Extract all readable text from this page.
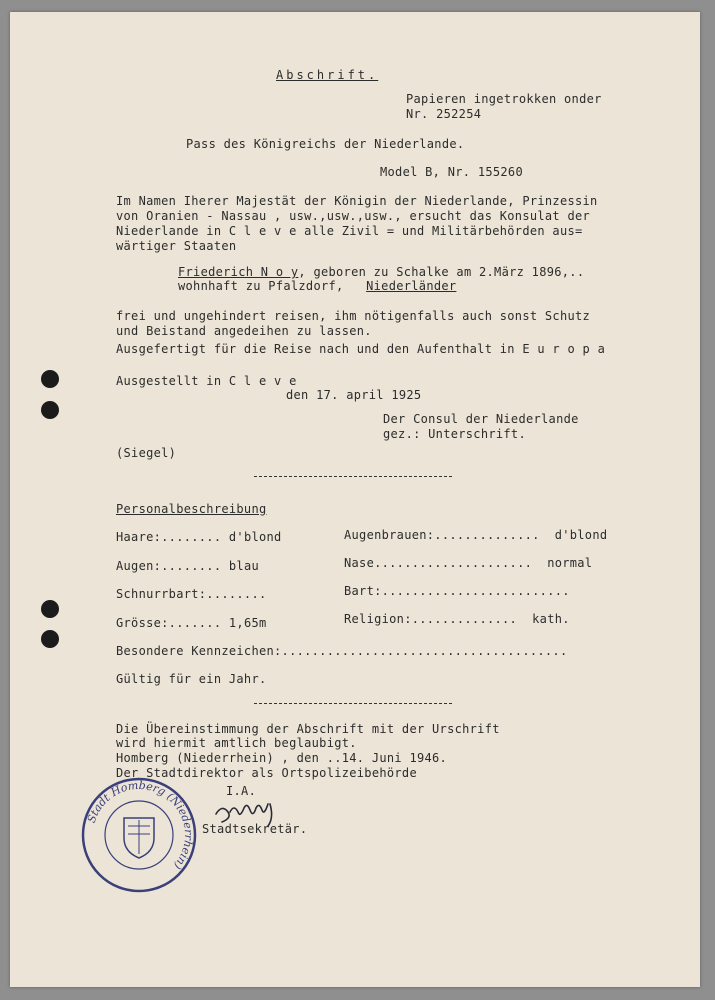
Abschrift.
Papieren ingetrokken onder
Nr. 252254
Pass des Königreichs der Niederlande.
Model B, Nr. 155260
Im Namen Iherer Majestät der Königin der Niederlande, Prinzessin
von Oranien - Nassau , usw.,usw.,usw., ersucht das Konsulat der
Niederlande in C l e v e alle Zivil = und Militärbehörden aus=
wärtiger Staaten
Friederich N o y, geboren zu Schalke am 2.März 1896,..
wohnhaft zu Pfalzdorf, Niederländer
frei und ungehindert reisen, ihm nötigenfalls auch sonst Schutz
und Beistand angedeihen zu lassen.
Ausgefertigt für die Reise nach und den Aufenthalt in E u r o p a
Ausgestellt in C l e v e
den 17. april 1925
Der Consul der Niederlande
gez.: Unterschrift.
(Siegel)
Personalbeschreibung
Haare:........ d'blond	Augenbrauen:.............. d'blond
Augen:........ blau	Nase..................... normal
Schnurrbart:........	Bart:.........................
Grösse:....... 1,65m	Religion:.............. kath.
Besondere Kennzeichen:......................................
Gültig für ein Jahr.
Die Übereinstimmung der Abschrift mit der Urschrift
wird hiermit amtlich beglaubigt.
Homberg (Niederrhein) , den ..14. Juni 1946.
Der Stadtdirektor als Ortspolizeibehörde
I.A.
Stadtsekretär.
Stadt Homberg (Niederrhein)
